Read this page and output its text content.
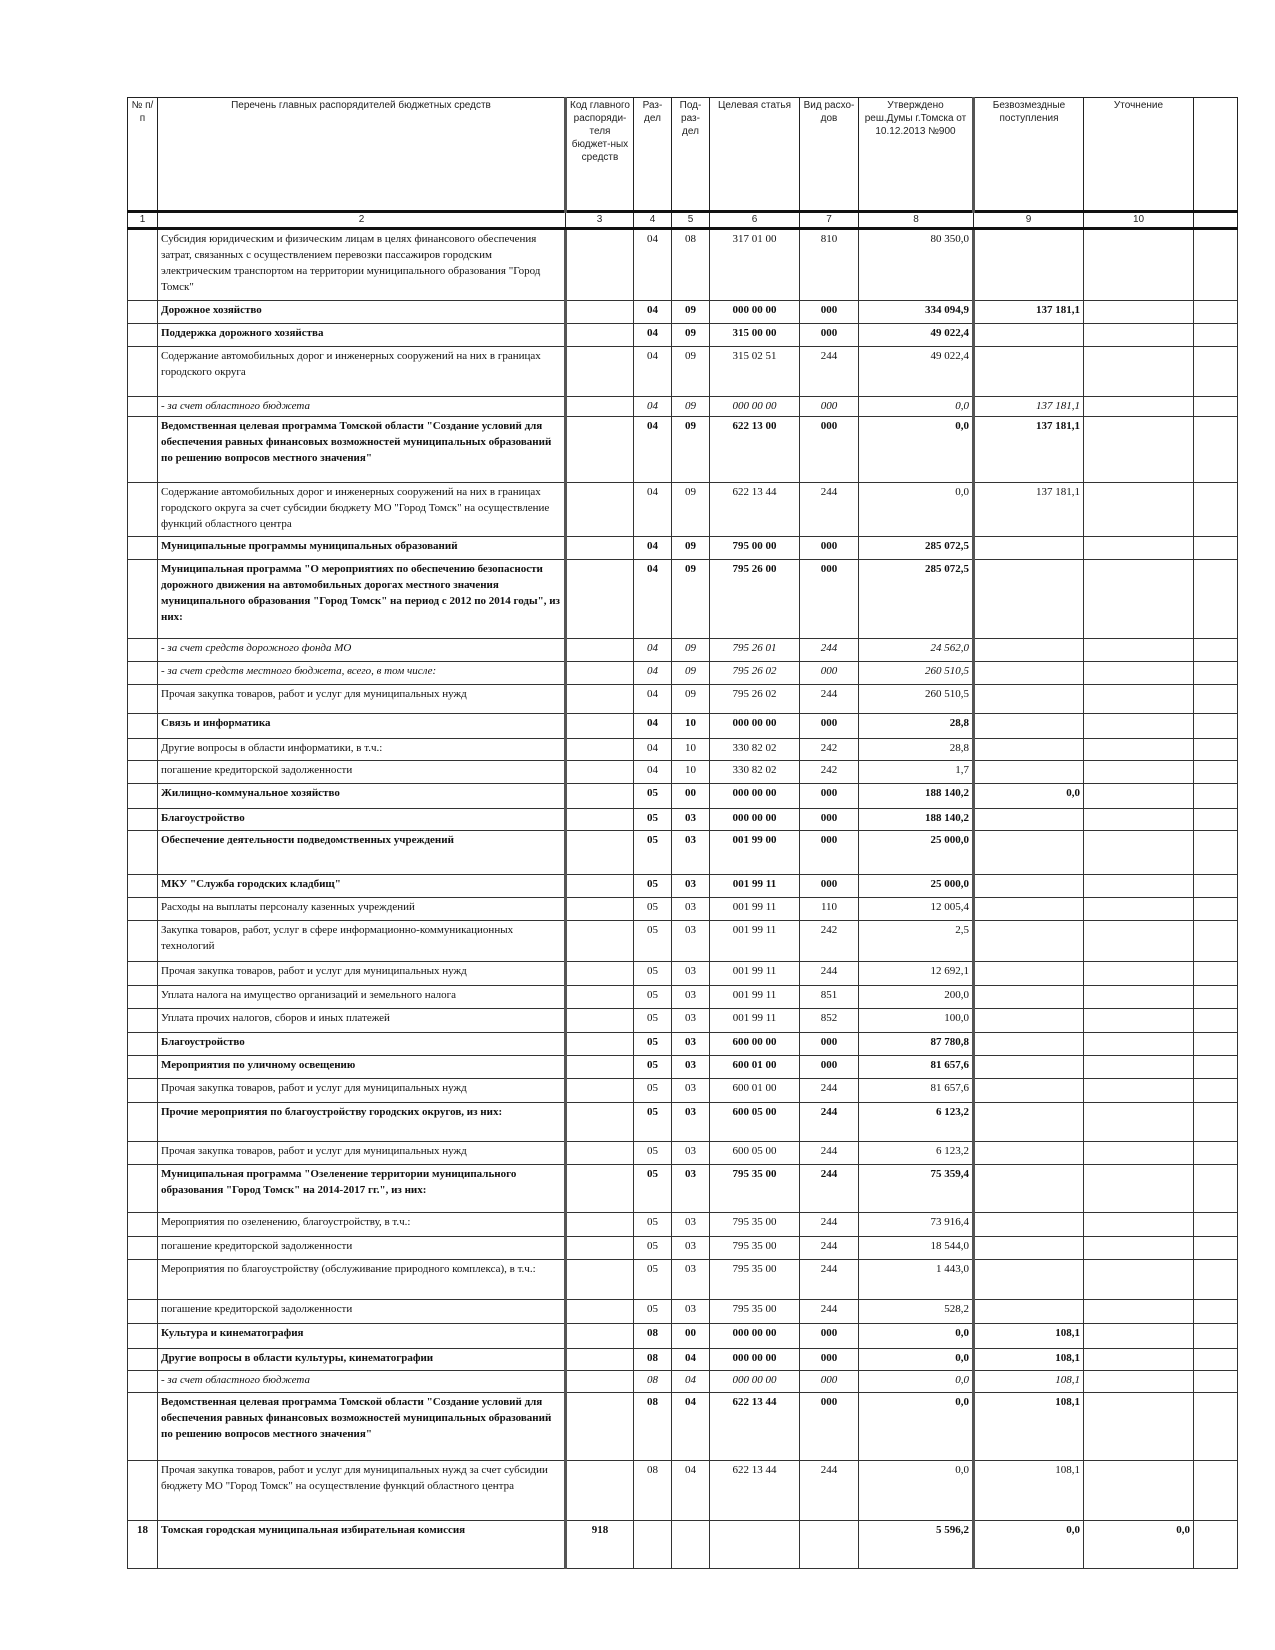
№ п/п	Перечень главных распорядителей бюджетных средств	Код главного распоряди-теля бюджет-ных средств	Раз-дел	Под-раз-дел	Целевая статья	Вид расхо-дов	Утверждено реш.Думы г.Томска от 10.12.2013 №900	Безвозмездные поступления	Уточнение	
1	2	3	4	5	6	7	8	9	10	
	Субсидия юридическим и физическим лицам в целях финансового обеспечения затрат, связанных с осуществлением перевозки пассажиров городским электрическим транспортом на территории муниципального образования "Город Томск"		04	08	317 01 00	810	80 350,0			
	Дорожное хозяйство		04	09	000 00 00	000	334 094,9	137 181,1		
	Поддержка дорожного хозяйства		04	09	315 00 00	000	49 022,4			
	Содержание автомобильных дорог и инженерных сооружений на них в границах городского округа		04	09	315 02 51	244	49 022,4			
	- за счет областного бюджета		04	09	000 00 00	000	0,0	137 181,1		
	Ведомственная целевая программа Томской области "Создание условий для обеспечения равных финансовых возможностей муниципальных образований по решению вопросов местного значения"		04	09	622 13 00	000	0,0	137 181,1		
	Содержание автомобильных дорог и инженерных сооружений на них в границах городского округа за счет субсидии бюджету МО "Город Томск" на осуществление функций областного центра		04	09	622 13 44	244	0,0	137 181,1		
	Муниципальные программы муниципальных образований		04	09	795 00 00	000	285 072,5			
	Муниципальная программа "О мероприятиях по обеспечению безопасности дорожного движения на автомобильных дорогах местного значения муниципального образования "Город Томск" на период с 2012 по 2014 годы", из них:		04	09	795 26 00	000	285 072,5			
	- за счет средств дорожного фонда МО		04	09	795 26 01	244	24 562,0			
	- за счет средств местного бюджета, всего, в том числе:		04	09	795 26 02	000	260 510,5			
	Прочая закупка товаров, работ и услуг для муниципальных нужд		04	09	795 26 02	244	260 510,5			
	Связь и информатика		04	10	000 00 00	000	28,8			
	Другие вопросы в области информатики, в т.ч.:		04	10	330 82 02	242	28,8			
	погашение кредиторской задолженности		04	10	330 82 02	242	1,7			
	Жилищно-коммунальное хозяйство		05	00	000 00 00	000	188 140,2	0,0		
	Благоустройство		05	03	000 00 00	000	188 140,2			
	Обеспечение деятельности подведомственных учреждений		05	03	001 99 00	000	25 000,0			
	МКУ "Служба городских кладбищ"		05	03	001 99 11	000	25 000,0			
	Расходы на выплаты персоналу казенных учреждений		05	03	001 99 11	110	12 005,4			
	Закупка товаров, работ, услуг в сфере информационно-коммуникационных технологий		05	03	001 99 11	242	2,5			
	Прочая закупка товаров, работ и услуг для муниципальных нужд		05	03	001 99 11	244	12 692,1			
	Уплата налога на имущество организаций и земельного налога		05	03	001 99 11	851	200,0			
	Уплата прочих налогов, сборов и иных платежей		05	03	001 99 11	852	100,0			
	Благоустройство		05	03	600 00 00	000	87 780,8			
	Мероприятия по уличному освещению		05	03	600 01 00	000	81 657,6			
	Прочая закупка товаров, работ и услуг для муниципальных нужд		05	03	600 01 00	244	81 657,6			
	Прочие мероприятия по благоустройству городских округов, из них:		05	03	600 05 00	244	6 123,2			
	Прочая закупка товаров, работ и услуг для муниципальных нужд		05	03	600 05 00	244	6 123,2			
	Муниципальная программа "Озеленение территории муниципального образования "Город Томск" на 2014-2017 гг.", из них:		05	03	795 35 00	244	75 359,4			
	Мероприятия по озеленению, благоустройству, в т.ч.:		05	03	795 35 00	244	73 916,4			
	погашение кредиторской задолженности		05	03	795 35 00	244	18 544,0			
	Мероприятия по благоустройству (обслуживание природного комплекса), в т.ч.:		05	03	795 35 00	244	1 443,0			
	погашение кредиторской задолженности		05	03	795 35 00	244	528,2			
	Культура и кинематография		08	00	000 00 00	000	0,0	108,1		
	Другие вопросы в области культуры, кинематографии		08	04	000 00 00	000	0,0	108,1		
	- за счет областного бюджета		08	04	000 00 00	000	0,0	108,1		
	Ведомственная целевая программа Томской области "Создание условий для обеспечения равных финансовых возможностей муниципальных образований по решению вопросов местного значения"		08	04	622 13 44	000	0,0	108,1		
	Прочая закупка товаров, работ и услуг для муниципальных нужд за счет субсидии бюджету МО "Город Томск" на осуществление функций областного центра		08	04	622 13 44	244	0,0	108,1		
18	Томская городская муниципальная избирательная комиссия	918					5 596,2	0,0	0,0	
